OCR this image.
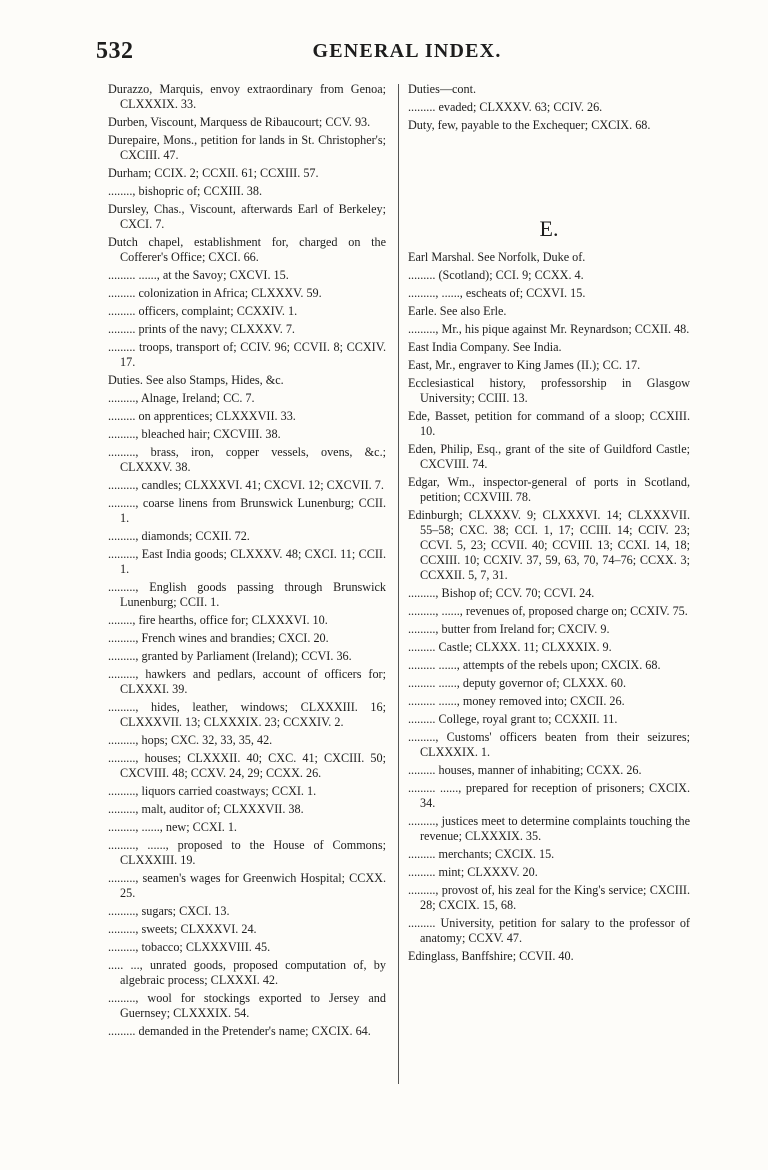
532	GENERAL INDEX.

Durazzo, Marquis, envoy extraordinary from Genoa; CLXXXIX. 33.

Durben, Viscount, Marquess de Ribaucourt; CCV. 93.

Durepaire, Mons., petition for lands in St. Christopher's; CXCIII. 47.

Durham; CCIX. 2; CCXII. 61; CCXIII. 57.

........, bishopric of; CCXIII. 38.

Dursley, Chas., Viscount, afterwards Earl of Berkeley; CXCI. 7.

Dutch chapel, establishment for, charged on the Cofferer's Office; CXCI. 66.

......... ......, at the Savoy; CXCVI. 15.

......... colonization in Africa; CLXXXV. 59.

......... officers, complaint; CCXXIV. 1.

......... prints of the navy; CLXXXV. 7.

......... troops, transport of; CCIV. 96; CCVII. 8; CCXIV. 17.

Duties. See also Stamps, Hides, &c.

........., Alnage, Ireland; CC. 7.

......... on apprentices; CLXXXVII. 33.

........., bleached hair; CXCVIII. 38.

........., brass, iron, copper vessels, ovens, &c.; CLXXXV. 38.

........., candles; CLXXXVI. 41; CXCVI. 12; CXCVII. 7.

........., coarse linens from Brunswick Lunenburg; CCII. 1.

........., diamonds; CCXII. 72.

........., East India goods; CLXXXV. 48; CXCI. 11; CCII. 1.

........., English goods passing through Brunswick Lunenburg; CCII. 1.

........, fire hearths, office for; CLXXXVI. 10.

........., French wines and brandies; CXCI. 20.

........., granted by Parliament (Ireland); CCVI. 36.

........., hawkers and pedlars, account of officers for; CLXXXI. 39.

........., hides, leather, windows; CLXXXIII. 16; CLXXXVII. 13; CLXXXIX. 23; CCXXIV. 2.

........., hops; CXC. 32, 33, 35, 42.

........., houses; CLXXXII. 40; CXC. 41; CXCIII. 50; CXCVIII. 48; CCXV. 24, 29; CCXX. 26.

........., liquors carried coastways; CCXI. 1.

........., malt, auditor of; CLXXXVII. 38.

........., ......, new; CCXI. 1.

........., ......, proposed to the House of Commons; CLXXXIII. 19.

........., seamen's wages for Greenwich Hospital; CCXX. 25.

........., sugars; CXCI. 13.

........., sweets; CLXXXVI. 24.

........., tobacco; CLXXXVIII. 45.

..... ..., unrated goods, proposed computation of, by algebraic process; CLXXXI. 42.

........., wool for stockings exported to Jersey and Guernsey; CLXXXIX. 54.

......... demanded in the Pretender's name; CXCIX. 64.

Duties—cont.

......... evaded; CLXXXV. 63; CCIV. 26.

Duty, few, payable to the Exchequer; CXCIX. 68.

E.

Earl Marshal. See Norfolk, Duke of.

......... (Scotland); CCI. 9; CCXX. 4.

........., ......, escheats of; CCXVI. 15.

Earle. See also Erle.

........., Mr., his pique against Mr. Reynardson; CCXII. 48.

East India Company. See India.

East, Mr., engraver to King James (II.); CC. 17.

Ecclesiastical history, professorship in Glasgow University; CCIII. 13.

Ede, Basset, petition for command of a sloop; CCXIII. 10.

Eden, Philip, Esq., grant of the site of Guildford Castle; CXCVIII. 74.

Edgar, Wm., inspector-general of ports in Scotland, petition; CCXVIII. 78.

Edinburgh; CLXXXV. 9; CLXXXVI. 14; CLXXXVII. 55–58; CXC. 38; CCI. 1, 17; CCIII. 14; CCIV. 23; CCVI. 5, 23; CCVII. 40; CCVIII. 13; CCXI. 14, 18; CCXIII. 10; CCXIV. 37, 59, 63, 70, 74–76; CCXX. 3; CCXXII. 5, 7, 31.

........., Bishop of; CCV. 70; CCVI. 24.

........., ......, revenues of, proposed charge on; CCXIV. 75.

........., butter from Ireland for; CXCIV. 9.

......... Castle; CLXXX. 11; CLXXXIX. 9.

......... ......, attempts of the rebels upon; CXCIX. 68.

......... ......, deputy governor of; CLXXX. 60.

......... ......, money removed into; CXCII. 26.

......... College, royal grant to; CCXXII. 11.

........., Customs' officers beaten from their seizures; CLXXXIX. 1.

......... houses, manner of inhabiting; CCXX. 26.

......... ......, prepared for reception of prisoners; CXCIX. 34.

........., justices meet to determine complaints touching the revenue; CLXXXIX. 35.

......... merchants; CXCIX. 15.

......... mint; CLXXXV. 20.

........., provost of, his zeal for the King's service; CXCIII. 28; CXCIX. 15, 68.

......... University, petition for salary to the professor of anatomy; CCXV. 47.

Edinglass, Banffshire; CCVII. 40.
